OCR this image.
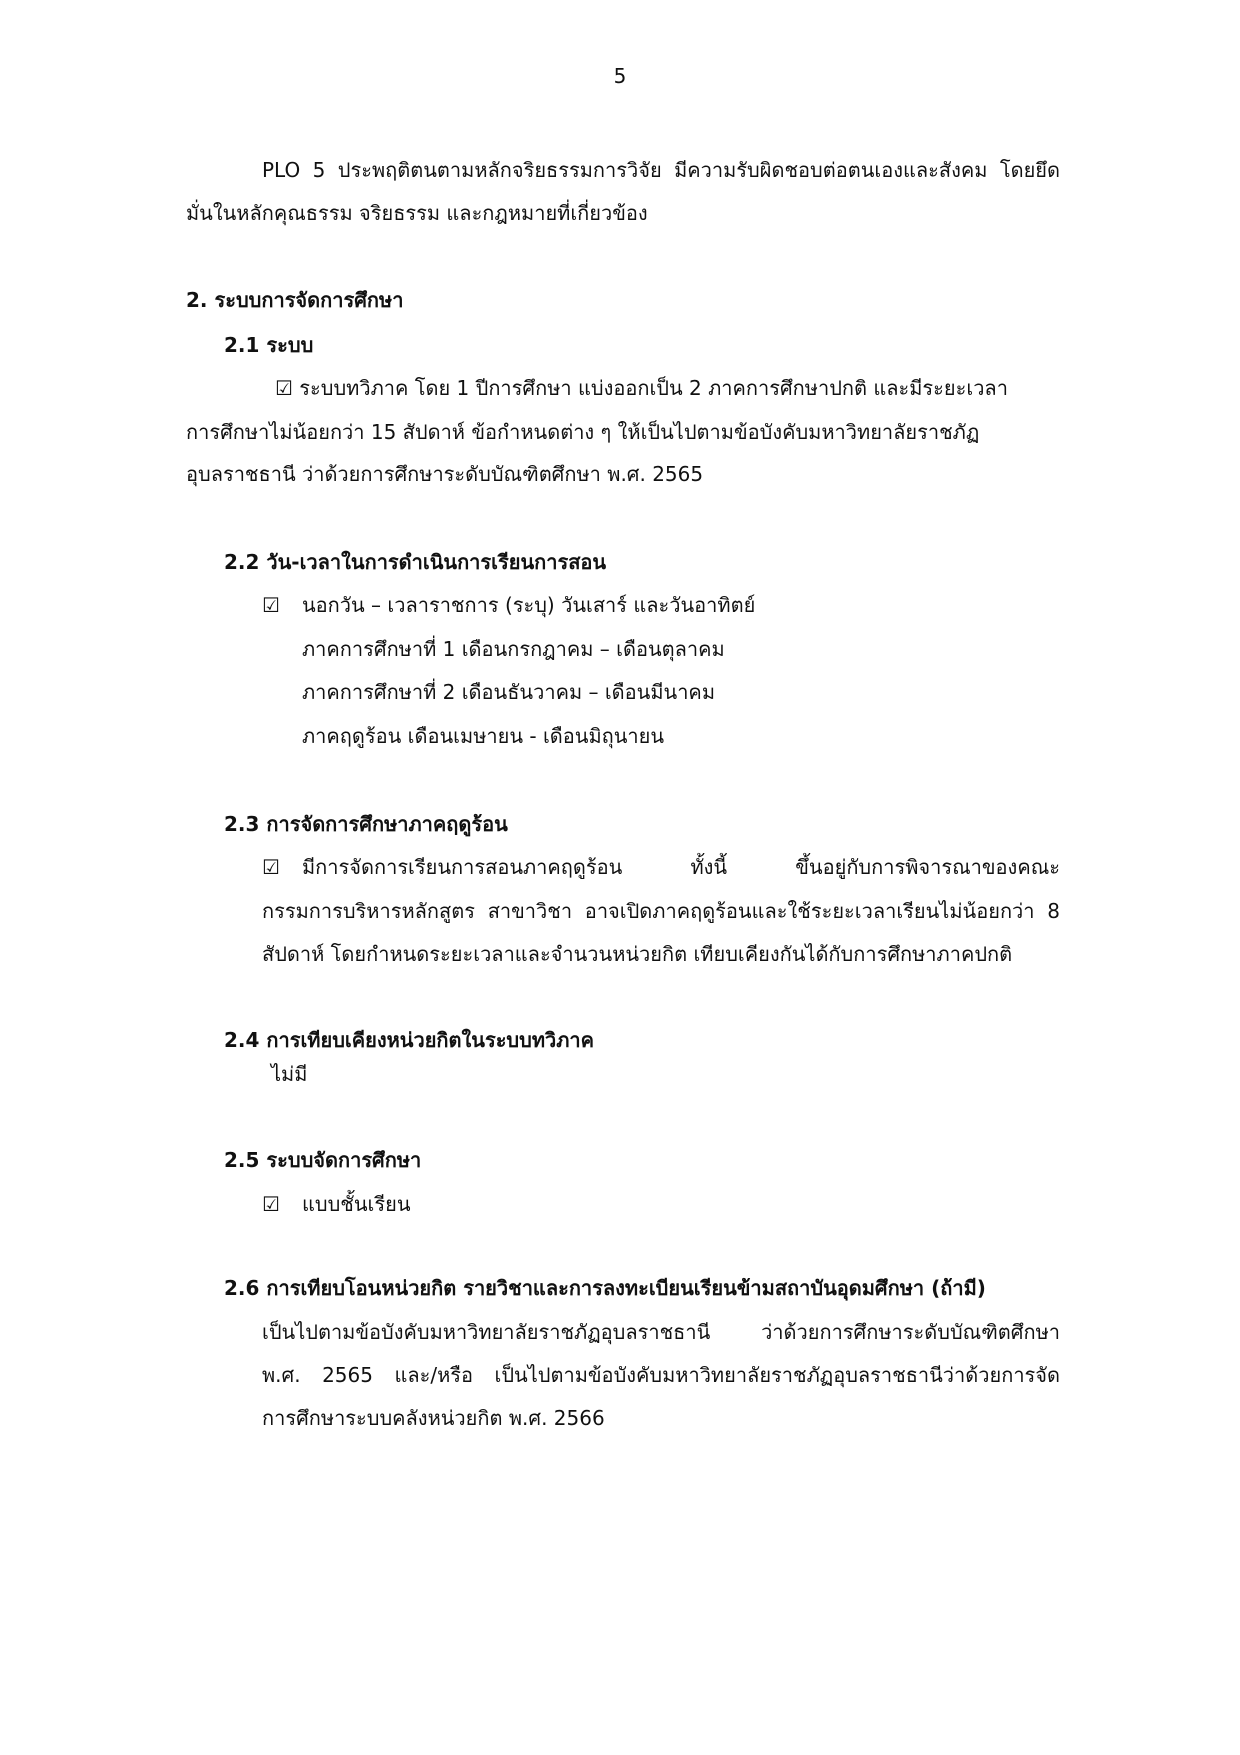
5
PLO 5 ประพฤติตนตามหลักจริยธรรมการวิจัย มีความรับผิดชอบต่อตนเองและสังคม โดยยึด
มั่นในหลักคุณธรรม จริยธรรม และกฎหมายที่เกี่ยวข้อง
2. ระบบการจัดการศึกษา
2.1 ระบบ
☑ ระบบทวิภาค โดย 1 ปีการศึกษา แบ่งออกเป็น 2 ภาคการศึกษาปกติ และมีระยะเวลา
การศึกษาไม่น้อยกว่า 15 สัปดาห์ ข้อกำหนดต่าง ๆ ให้เป็นไปตามข้อบังคับมหาวิทยาลัยราชภัฏ
อุบลราชธานี ว่าด้วยการศึกษาระดับบัณฑิตศึกษา พ.ศ. 2565
2.2 วัน-เวลาในการดำเนินการเรียนการสอน
☑ นอกวัน – เวลาราชการ (ระบุ) วันเสาร์ และวันอาทิตย์
ภาคการศึกษาที่ 1 เดือนกรกฎาคม – เดือนตุลาคม
ภาคการศึกษาที่ 2 เดือนธันวาคม – เดือนมีนาคม
ภาคฤดูร้อน เดือนเมษายน - เดือนมิถุนายน
2.3 การจัดการศึกษาภาคฤดูร้อน
☑	มีการจัดการเรียนการสอนภาคฤดูร้อน ทั้งนี้ ขึ้นอยู่กับการพิจารณาของคณะ
กรรมการบริหารหลักสูตร สาขาวิชา อาจเปิดภาคฤดูร้อนและใช้ระยะเวลาเรียนไม่น้อยกว่า 8
สัปดาห์ โดยกำหนดระยะเวลาและจำนวนหน่วยกิต เทียบเคียงกันได้กับการศึกษาภาคปกติ
2.4 การเทียบเคียงหน่วยกิตในระบบทวิภาค
ไม่มี
2.5 ระบบจัดการศึกษา
☑ แบบชั้นเรียน
2.6 การเทียบโอนหน่วยกิต รายวิชาและการลงทะเบียนเรียนข้ามสถาบันอุดมศึกษา (ถ้ามี)
เป็นไปตามข้อบังคับมหาวิทยาลัยราชภัฏอุบลราชธานี ว่าด้วยการศึกษาระดับบัณฑิตศึกษา
พ.ศ. 2565 และ/หรือ เป็นไปตามข้อบังคับมหาวิทยาลัยราชภัฏอุบลราชธานีว่าด้วยการจัด
การศึกษาระบบคลังหน่วยกิต พ.ศ. 2566
